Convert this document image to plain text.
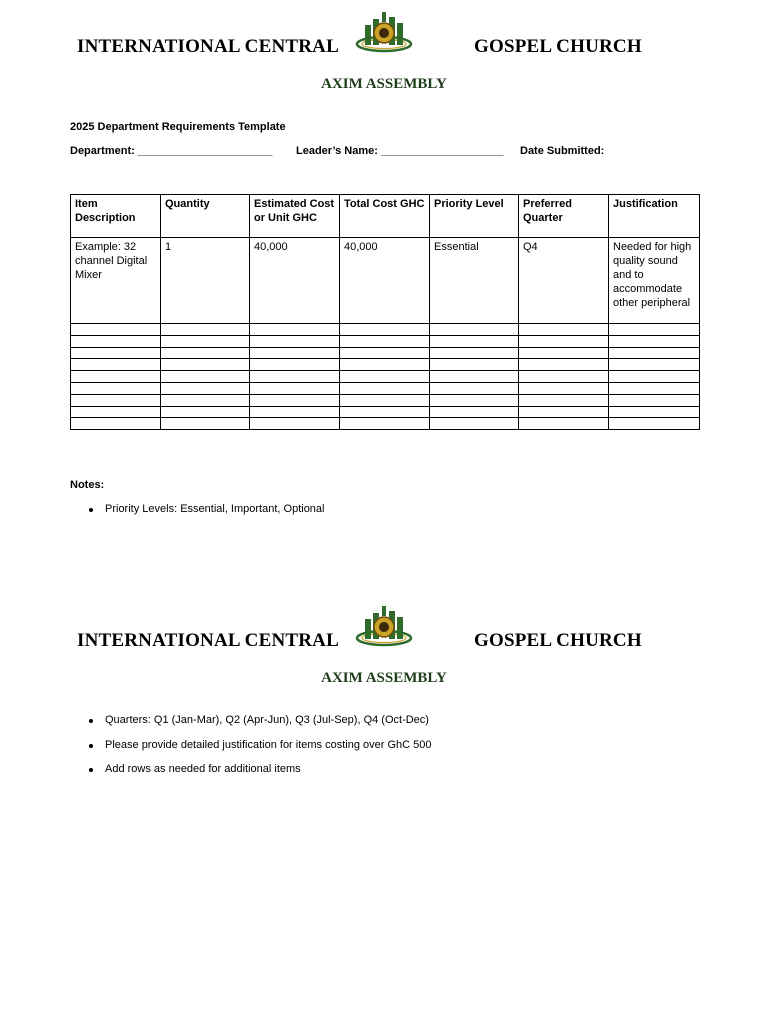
INTERNATIONAL CENTRAL	GOSPEL CHURCH
AXIM ASSEMBLY
2025 Department Requirements Template
Department: ______________________ Leader’s Name: ____________________ Date Submitted:
Item Description	Quantity	Estimated Cost or Unit GHC	Total Cost GHC	Priority Level	Preferred Quarter	Justification
Example: 32 channel Digital Mixer	1	40,000	40,000	Essential	Q4	Needed for high quality sound and to accommodate other peripheral

Notes:
Priority Levels: Essential, Important, Optional
INTERNATIONAL CENTRAL	GOSPEL CHURCH
AXIM ASSEMBLY
Quarters: Q1 (Jan-Mar), Q2 (Apr-Jun), Q3 (Jul-Sep), Q4 (Oct-Dec)
Please provide detailed justification for items costing over GhC 500
Add rows as needed for additional items
